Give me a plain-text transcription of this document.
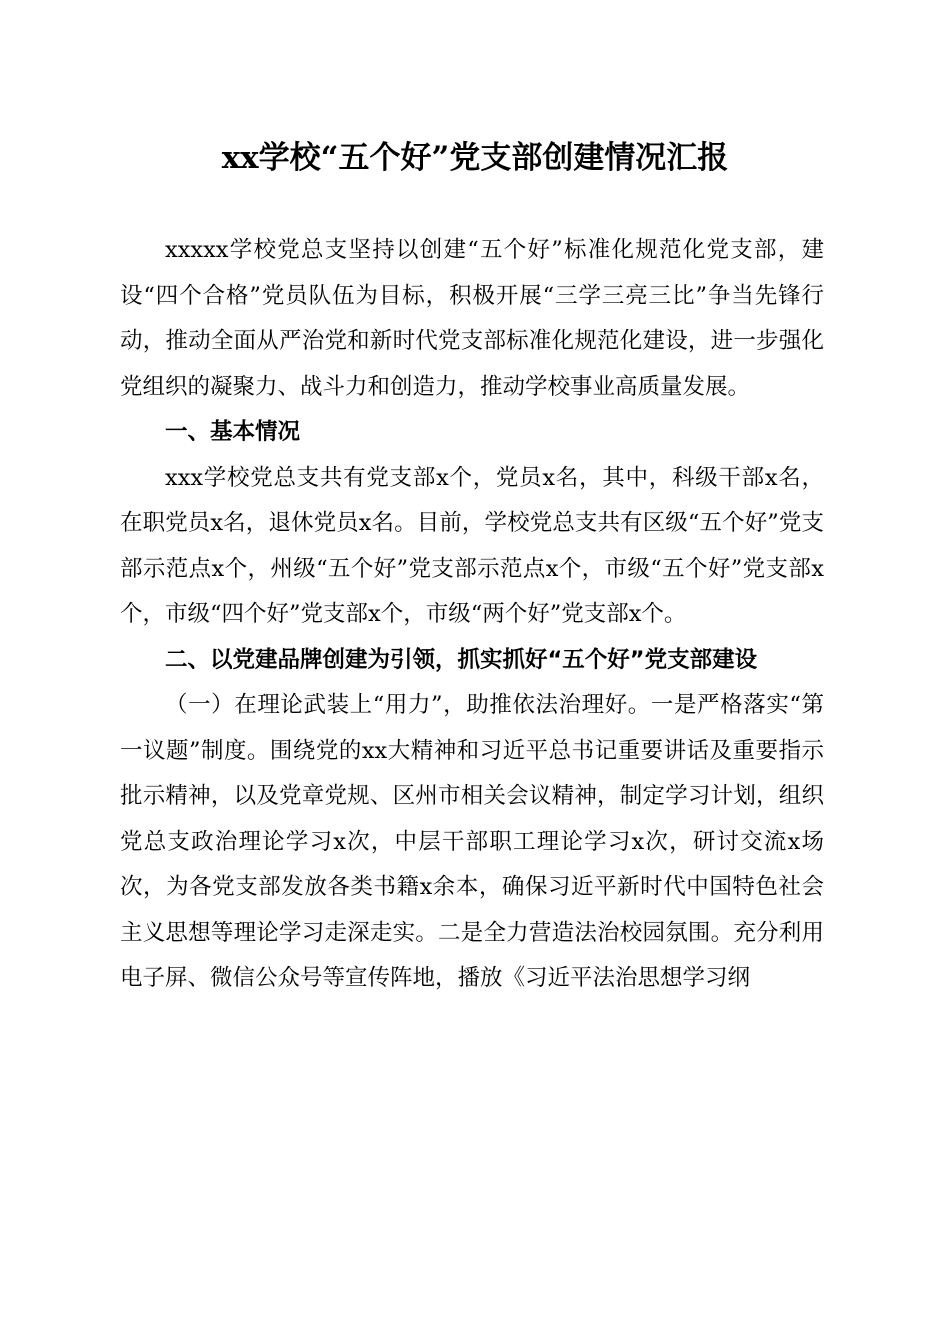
xx学校“五个好”党支部创建情况汇报

xxxxx学校党总支坚持以创建“五个好”标准化规范化党支部，建设“四个合格”党员队伍为目标，积极开展“三学三亮三比”争当先锋行动，推动全面从严治党和新时代党支部标准化规范化建设，进一步强化党组织的凝聚力、战斗力和创造力，推动学校事业高质量发展。

一、基本情况

xxx学校党总支共有党支部x个，党员x名，其中，科级干部x名，在职党员x名，退休党员x名。目前，学校党总支共有区级“五个好”党支部示范点x个，州级“五个好”党支部示范点x个，市级“五个好”党支部x个，市级“四个好”党支部x个，市级“两个好”党支部x个。

二、以党建品牌创建为引领，抓实抓好“五个好”党支部建设

（一）在理论武装上“用力”，助推依法治理好。一是严格落实“第一议题”制度。围绕党的xx大精神和习近平总书记重要讲话及重要指示批示精神，以及党章党规、区州市相关会议精神，制定学习计划，组织党总支政治理论学习x次，中层干部职工理论学习x次，研讨交流x场次，为各党支部发放各类书籍x余本，确保习近平新时代中国特色社会主义思想等理论学习走深走实。二是全力营造法治校园氛围。充分利用电子屏、微信公众号等宣传阵地，播放《习近平法治思想学习纲
